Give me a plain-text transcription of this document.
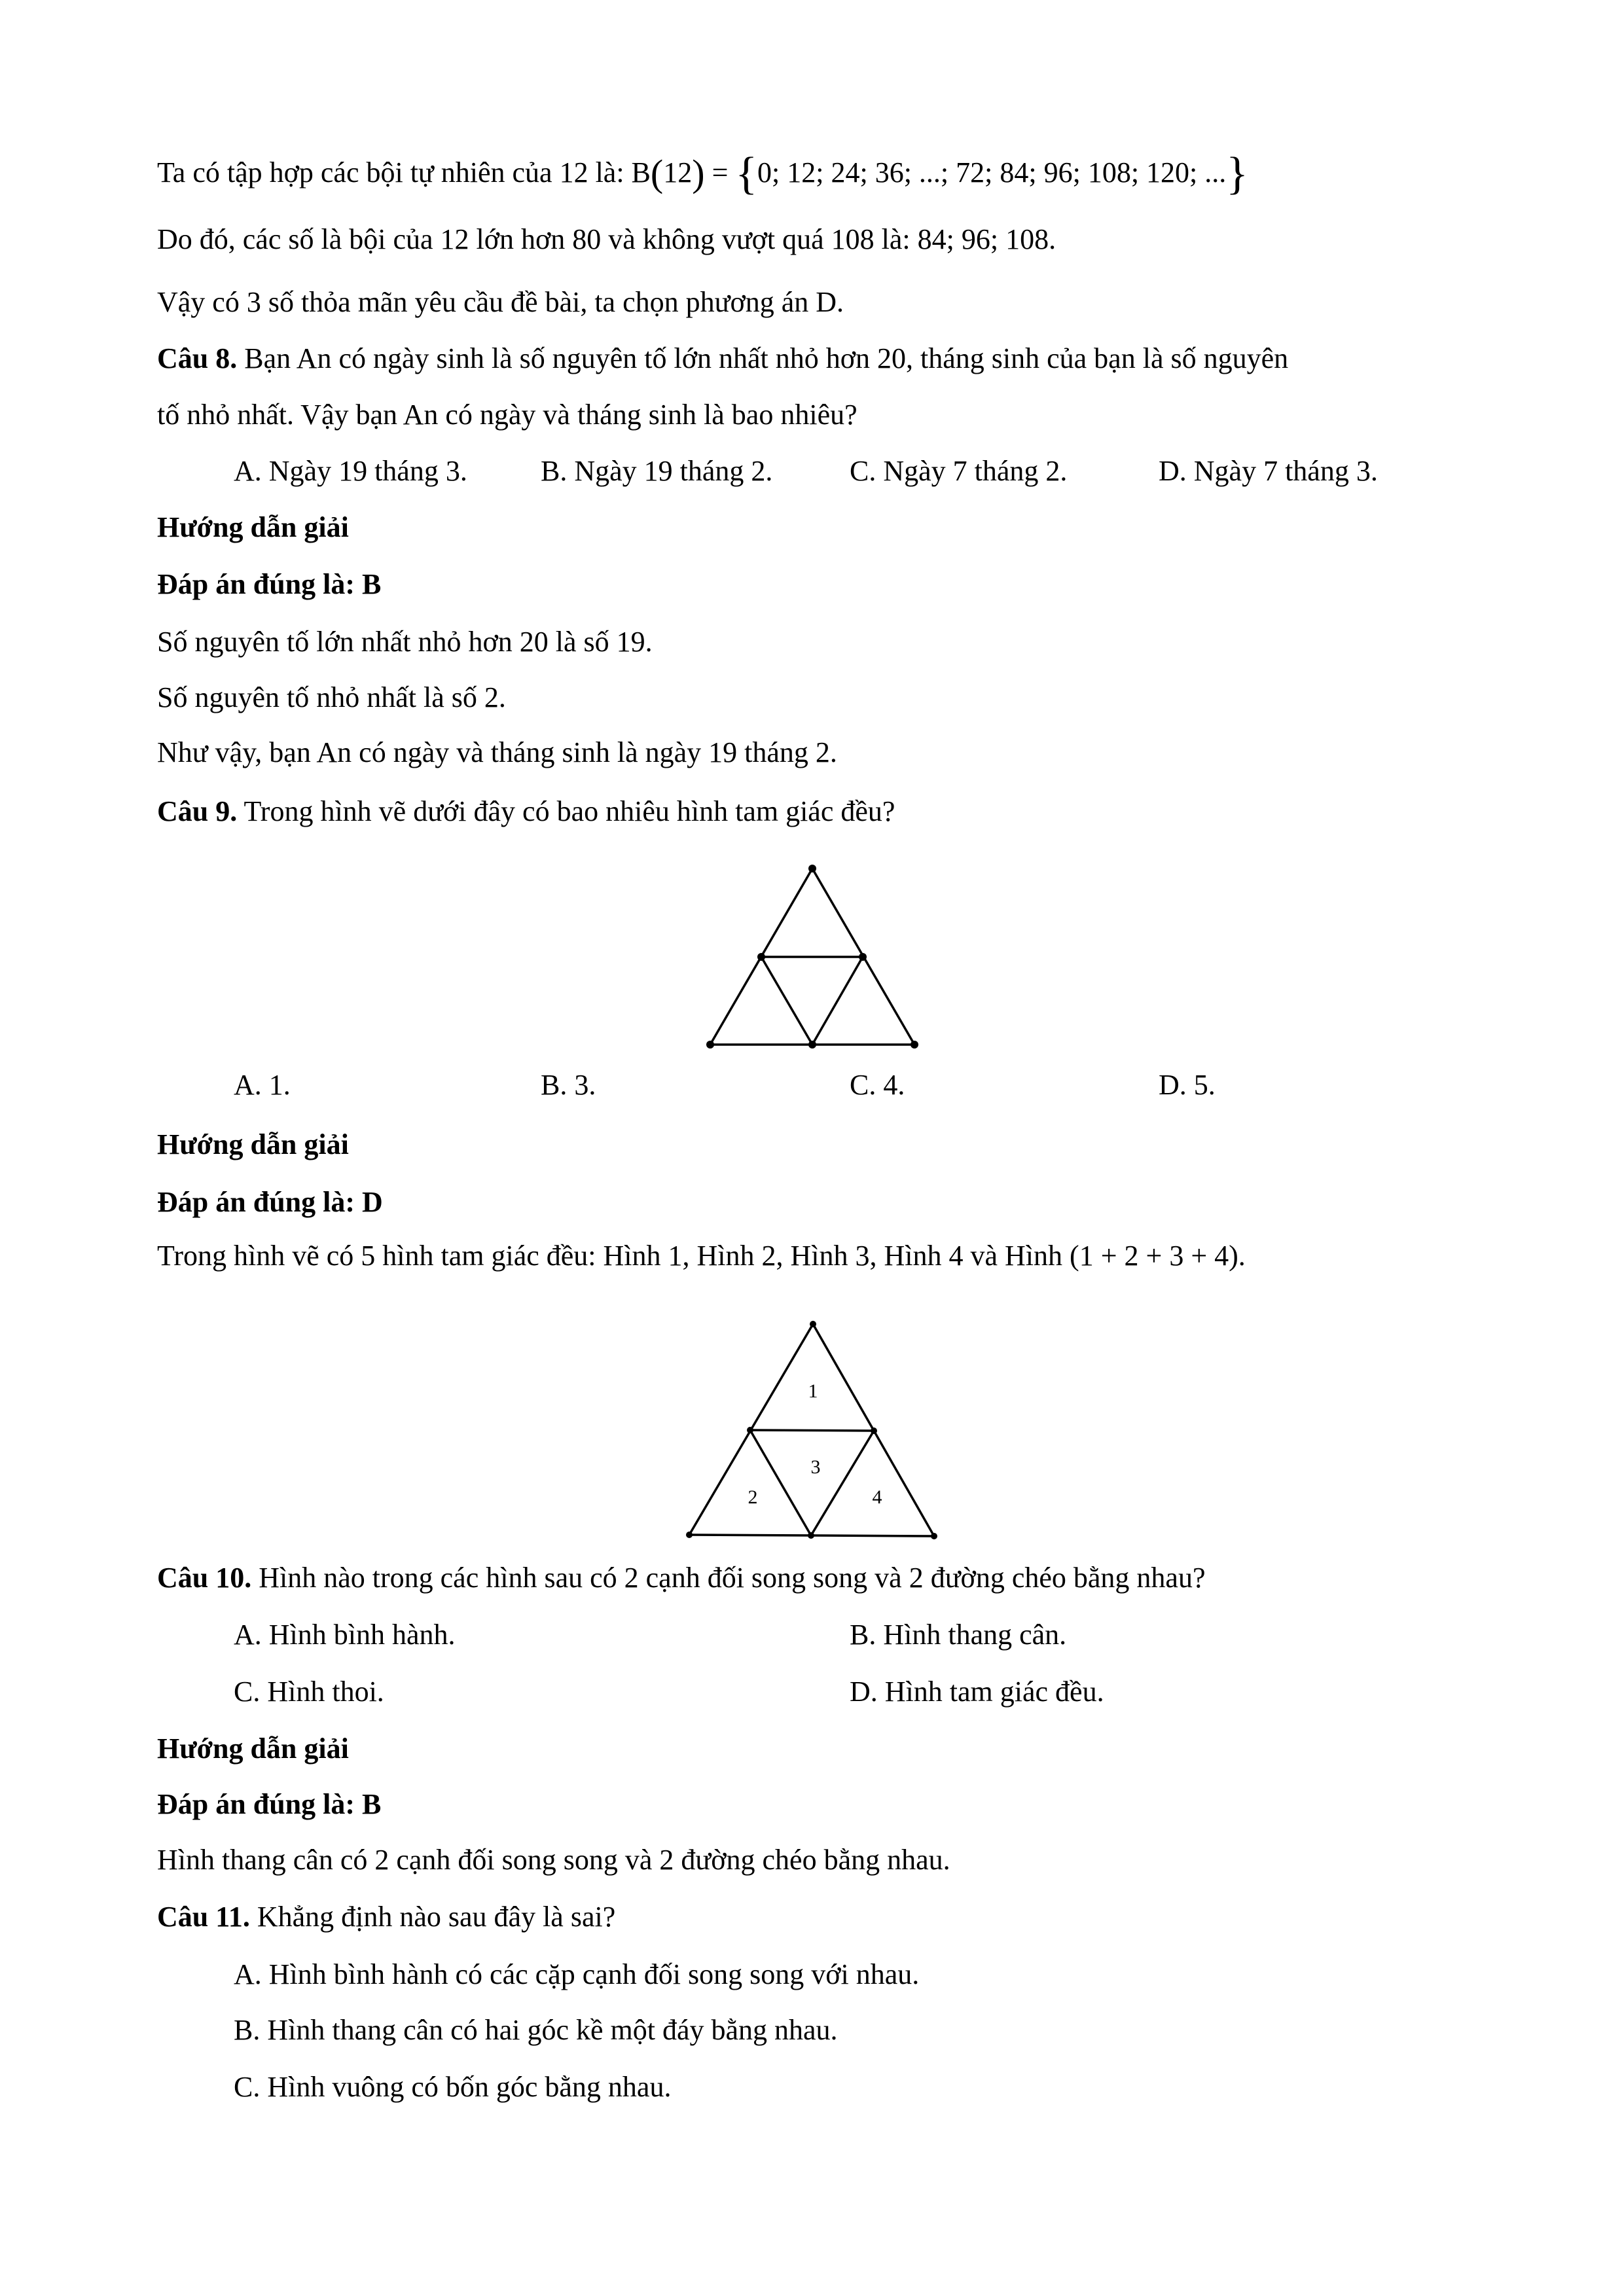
Ta có tập hợp các bội tự nhiên của 12 là: B(12) = {0; 12; 24; 36; ...; 72; 84; 96; 108; 120; ...}
Do đó, các số là bội của 12 lớn hơn 80 và không vượt quá 108 là: 84; 96; 108.
Vậy có 3 số thỏa mãn yêu cầu đề bài, ta chọn phương án D.
Câu 8. Bạn An có ngày sinh là số nguyên tố lớn nhất nhỏ hơn 20, tháng sinh của bạn là số nguyên
tố nhỏ nhất. Vậy bạn An có ngày và tháng sinh là bao nhiêu?
A. Ngày 19 tháng 3.	B. Ngày 19 tháng 2.	C. Ngày 7 tháng 2.	D. Ngày 7 tháng 3.
Hướng dẫn giải
Đáp án đúng là: B
Số nguyên tố lớn nhất nhỏ hơn 20 là số 19.
Số nguyên tố nhỏ nhất là số 2.
Như vậy, bạn An có ngày và tháng sinh là ngày 19 tháng 2.
Câu 9. Trong hình vẽ dưới đây có bao nhiêu hình tam giác đều?
A. 1.	B. 3.	C. 4.	D. 5.
Hướng dẫn giải
Đáp án đúng là: D
Trong hình vẽ có 5 hình tam giác đều: Hình 1, Hình 2, Hình 3, Hình 4 và Hình (1 + 2 + 3 + 4).
1
3
2	4
Câu 10. Hình nào trong các hình sau có 2 cạnh đối song song và 2 đường chéo bằng nhau?
A. Hình bình hành.	B. Hình thang cân.
C. Hình thoi.	D. Hình tam giác đều.
Hướng dẫn giải
Đáp án đúng là: B
Hình thang cân có 2 cạnh đối song song và 2 đường chéo bằng nhau.
Câu 11. Khẳng định nào sau đây là sai?
A. Hình bình hành có các cặp cạnh đối song song với nhau.
B. Hình thang cân có hai góc kề một đáy bằng nhau.
C. Hình vuông có bốn góc bằng nhau.
